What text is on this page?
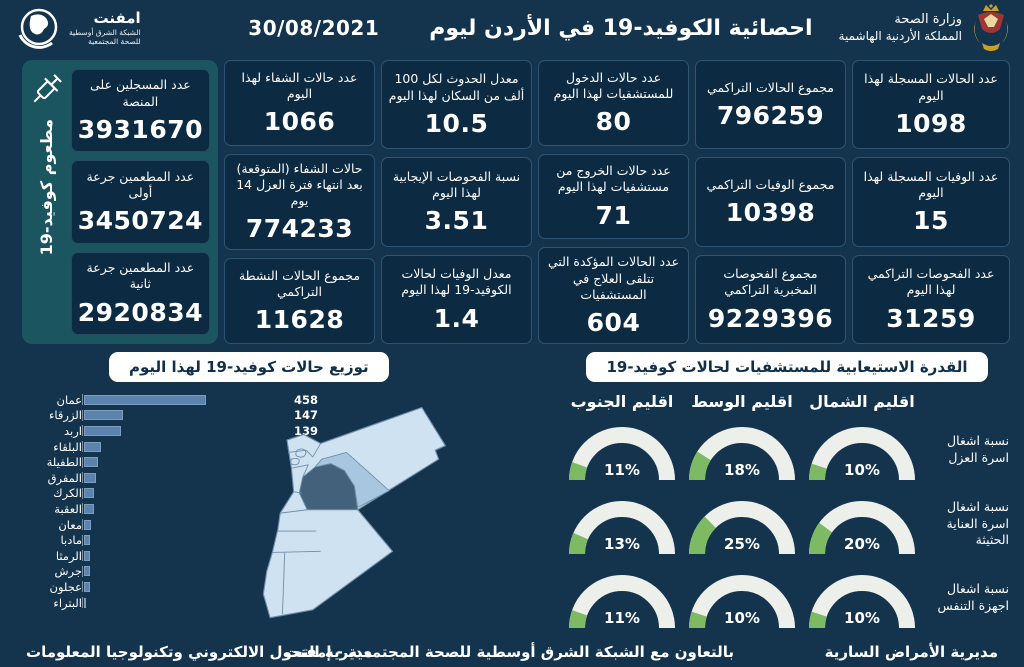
وزارة الصحة
المملكة الأردنية الهاشمية
احصائية الكوفيد-19 في الأردن ليوم
30/08/2021
امفنت
الشبكة الشرق أوسطية
للصحة المجتمعية
عدد الحالات المسجلة لهذا اليوم
1098
عدد الوفيات المسجلة لهذا اليوم
15
عدد الفحوصات التراكمي لهذا اليوم
31259
مجموع الحالات التراكمي
796259
مجموع الوفيات التراكمي
10398
مجموع الفحوصات المخبرية التراكمي
9229396
عدد حالات الدخول للمستشفيات لهذا اليوم
80
عدد حالات الخروج من مستشفيات لهذا اليوم
71
عدد الحالات المؤكدة التي تتلقى العلاج في المستشفيات
604
معدل الحدوث لكل 100 ألف من السكان لهذا اليوم
10.5
نسبة الفحوصات الإيجابية لهذا اليوم
3.51
معدل الوفيات لحالات الكوفيد-19 لهذا اليوم
1.4
عدد حالات الشفاء لهذا اليوم
1066
حالات الشفاء (المتوقعة) بعد انتهاء فترة العزل 14 يوم
774233
مجموع الحالات النشطة التراكمي
11628
عدد المسجلين على المنصة
3931670
عدد المطعمين جرعة أولى
3450724
عدد المطعمين جرعة ثانية
2920834
مطعوم كوفيد-19
القدرة الاستيعابية للمستشفيات لحالات كوفيد-19
اقليم الشمال
اقليم الوسط
اقليم الجنوب
نسبة اشغال اسرة العزل
10%
18%
11%
نسبة اشغال اسرة العناية الحثيثة
20%
25%
13%
نسبة اشغال اجهزة التنفس
10%
10%
11%
توزيع حالات كوفيد-19 لهذا اليوم
عمان	458
الزرقاء	147
اربد	139
البلقاء
الطفيلة
المفرق
الكرك
العقبة
معان
مادبا
الرمثا
جرش
عجلون
البتراء
مديرية الأمراض السارية
بالتعاون مع الشبكة الشرق أوسطية للصحة المجتمعية - إمفنت
مديرية التحول الالكتروني وتكنولوجيا المعلومات
